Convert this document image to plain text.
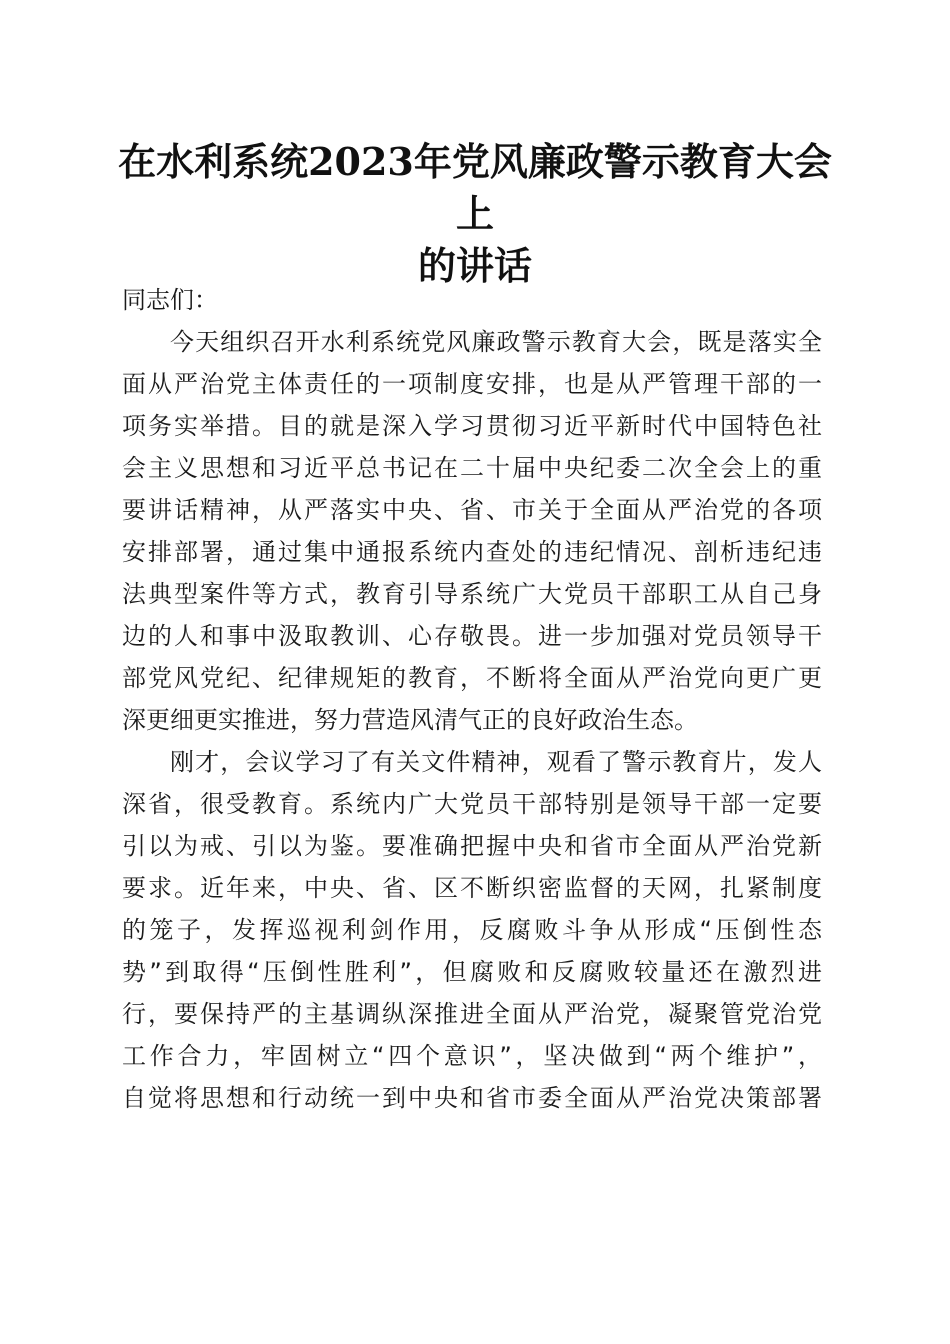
在水利系统2023年党风廉政警示教育大会上
的讲话
同志们：
今天组织召开水利系统党风廉政警示教育大会，既是落实全
面从严治党主体责任的一项制度安排，也是从严管理干部的一
项务实举措。目的就是深入学习贯彻习近平新时代中国特色社
会主义思想和习近平总书记在二十届中央纪委二次全会上的重
要讲话精神，从严落实中央、省、市关于全面从严治党的各项
安排部署，通过集中通报系统内查处的违纪情况、剖析违纪违
法典型案件等方式，教育引导系统广大党员干部职工从自己身
边的人和事中汲取教训、心存敬畏。进一步加强对党员领导干
部党风党纪、纪律规矩的教育，不断将全面从严治党向更广更
深更细更实推进，努力营造风清气正的良好政治生态。
刚才，会议学习了有关文件精神，观看了警示教育片，发人
深省，很受教育。系统内广大党员干部特别是领导干部一定要
引以为戒、引以为鉴。要准确把握中央和省市全面从严治党新
要求。近年来，中央、省、区不断织密监督的天网，扎紧制度
的笼子，发挥巡视利剑作用，反腐败斗争从形成“压倒性态
势”到取得“压倒性胜利”，但腐败和反腐败较量还在激烈进
行，要保持严的主基调纵深推进全面从严治党，凝聚管党治党
工作合力，牢固树立“四个意识”，坚决做到“两个维护”，
自觉将思想和行动统一到中央和省市委全面从严治党决策部署
